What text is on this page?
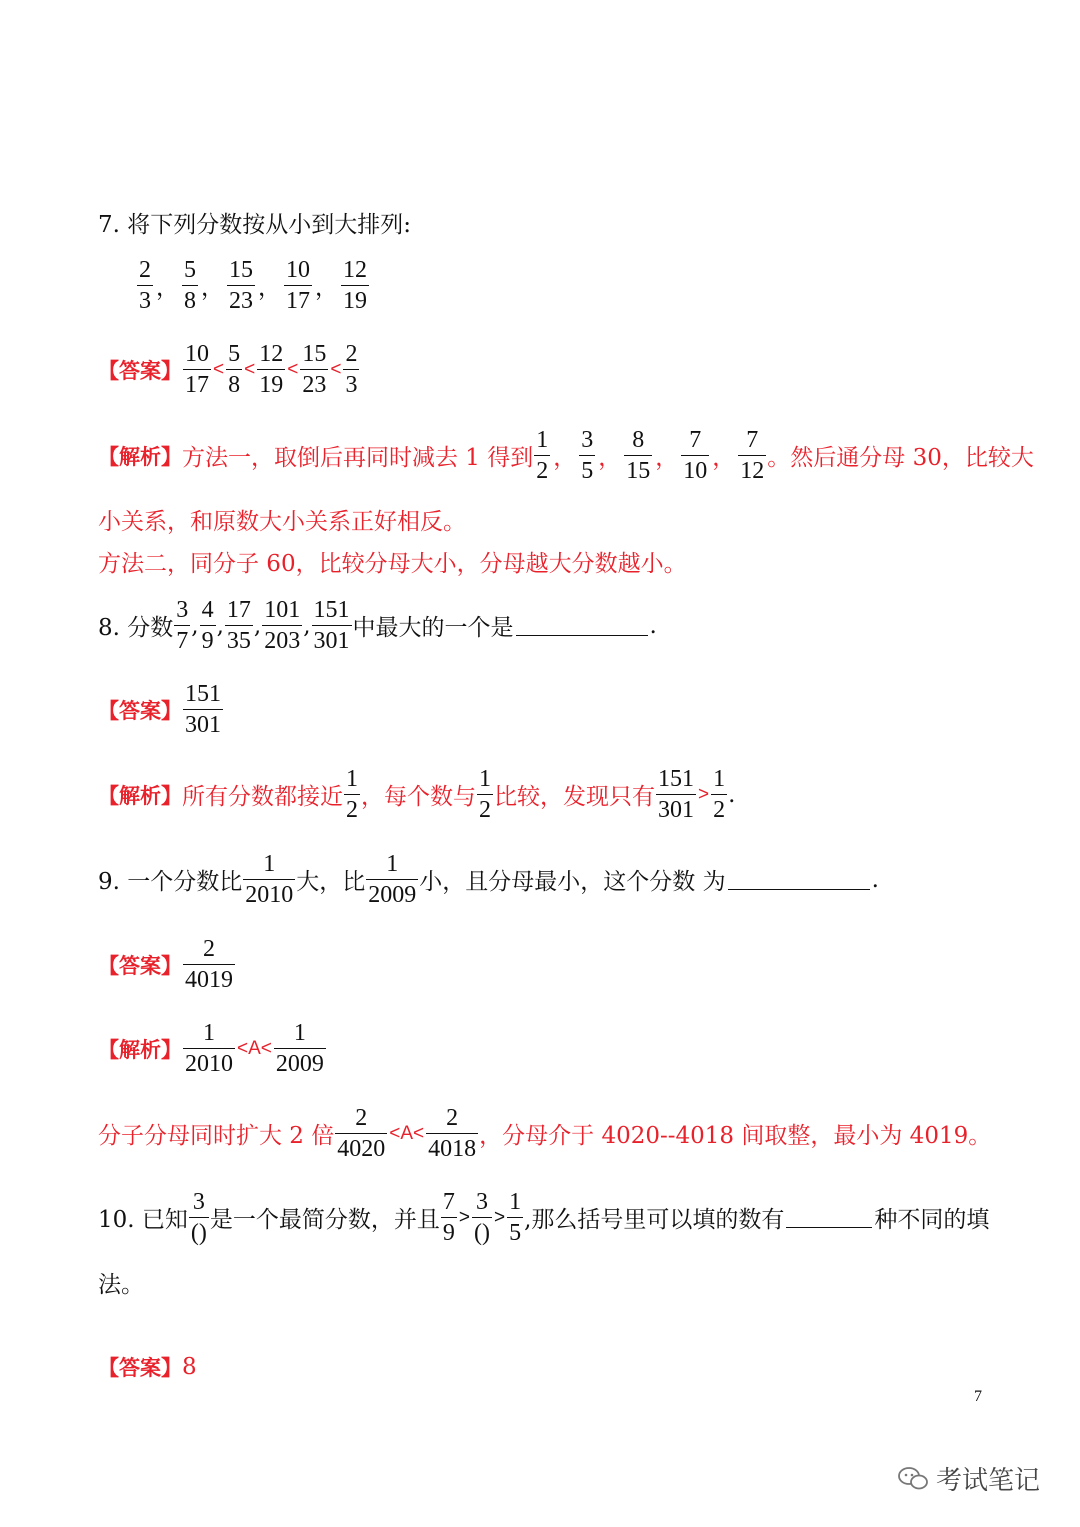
7. 将下列分数按从小到大排列:
$\frac{2}{3}$ ， $\frac{5}{8}$ ， $\frac{15}{23}$ ， $\frac{10}{17}$ ， $\frac{12}{19}$
【答案】 $\frac{10}{17} < \frac{5}{8} < \frac{12}{19} < \frac{15}{23} < \frac{2}{3}$
【解析】 方法一，取倒后再同时减去 1 得到 $\frac{1}{2}$ ， $\frac{3}{5}$ ， $\frac{8}{15}$ ， $\frac{7}{10}$ ， $\frac{7}{12}$ 。然后通分母 30，比较大
小关系，和原数大小关系正好相反。
方法二，同分子 60，比较分母大小，分母越大分数越小。
8. 分数 $\frac{3}{7}$ , $\frac{4}{9}$ , $\frac{17}{35}$ , $\frac{101}{203}$ , $\frac{151}{301}$ 中最大的一个是	.
【答案】 $\frac{151}{301}$
【解析】 所有分数都接近 $\frac{1}{2}$ ，每个数与 $\frac{1}{2}$ 比较，发现只有 $\frac{151}{301} > \frac{1}{2}$ .
9. 一个分数比 $\frac{1}{2010}$ 大，比 $\frac{1}{2009}$ 小，且分母最小，这个分数 为	.
【答案】 $\frac{2}{4019}$
【解析】 $\frac{1}{2010} <A< \frac{1}{2009}$
分子分母同时扩大 2 倍 $\frac{2}{4020} <A< \frac{2}{4018}$ ，分母介于 4020--4018 间取整，最小为 4019。
10. 已知 $\frac{3}{()}$ 是一个最简分数，并且 $\frac{7}{9} > \frac{3}{()} > \frac{1}{5}$ ,那么括号里可以填的数有	种不同的填
法。
【答案】 8
7
考试笔记
